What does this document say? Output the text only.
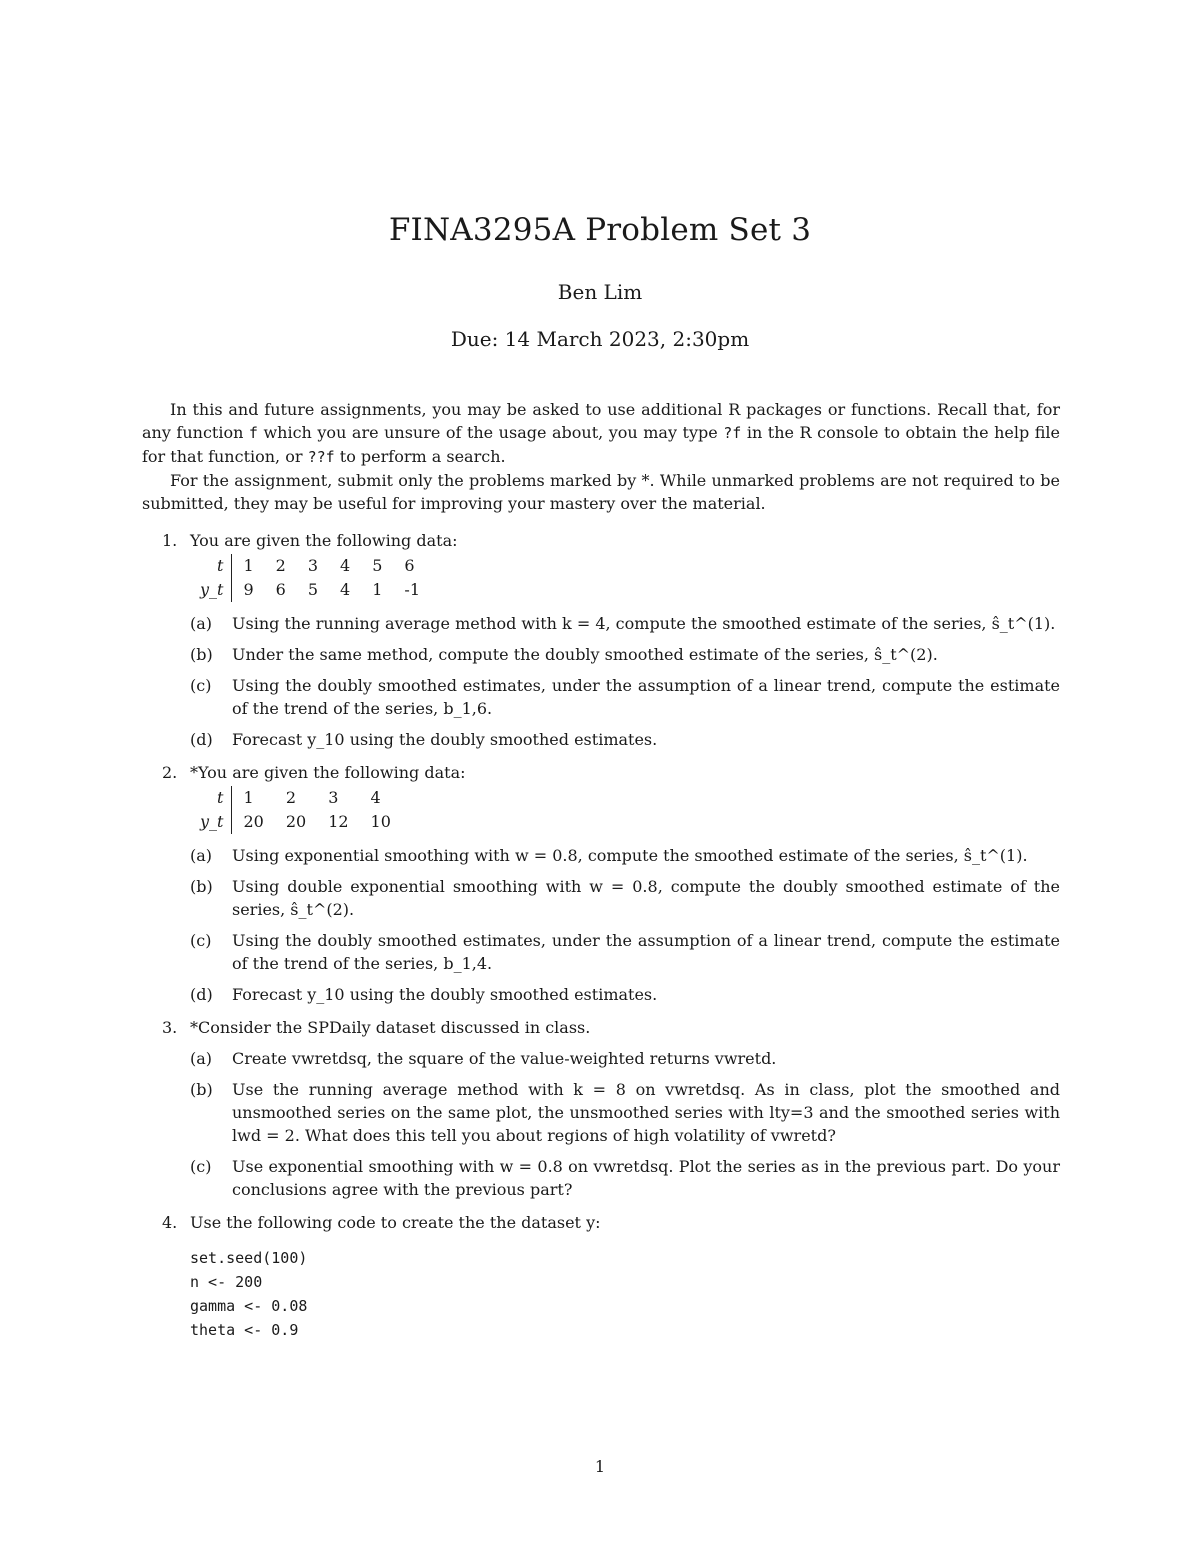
FINA3295A Problem Set 3
Ben Lim
Due: 14 March 2023, 2:30pm

In this and future assignments, you may be asked to use additional R packages or functions. Recall that, for any function f which you are unsure of the usage about, you may type ?f in the R console to obtain the help file for that function, or ??f to perform a search.

For the assignment, submit only the problems marked by *. While unmarked problems are not required to be submitted, they may be useful for improving your mastery over the material.

1. You are given the following data:
t	1	2	3	4	5	6
y_t	9	6	5	4	1	-1
(a) Using the running average method with k = 4, compute the smoothed estimate of the series, ŝ_t^(1).
(b) Under the same method, compute the doubly smoothed estimate of the series, ŝ_t^(2).
(c) Using the doubly smoothed estimates, under the assumption of a linear trend, compute the estimate of the trend of the series, b_1,6.
(d) Forecast y_10 using the doubly smoothed estimates.
2. *You are given the following data:
t	1	2	3	4
y_t	20	20	12	10
(a) Using exponential smoothing with w = 0.8, compute the smoothed estimate of the series, ŝ_t^(1).
(b) Using double exponential smoothing with w = 0.8, compute the doubly smoothed estimate of the series, ŝ_t^(2).
(c) Using the doubly smoothed estimates, under the assumption of a linear trend, compute the estimate of the trend of the series, b_1,4.
(d) Forecast y_10 using the doubly smoothed estimates.
3. *Consider the SPDaily dataset discussed in class.
(a) Create vwretdsq, the square of the value-weighted returns vwretd.
(b) Use the running average method with k = 8 on vwretdsq. As in class, plot the smoothed and unsmoothed series on the same plot, the unsmoothed series with lty=3 and the smoothed series with lwd = 2. What does this tell you about regions of high volatility of vwretd?
(c) Use exponential smoothing with w = 0.8 on vwretdsq. Plot the series as in the previous part. Do your conclusions agree with the previous part?
4. Use the following code to create the the dataset y:
set.seed(100)
n <- 200
gamma <- 0.08
theta <- 0.9
1
